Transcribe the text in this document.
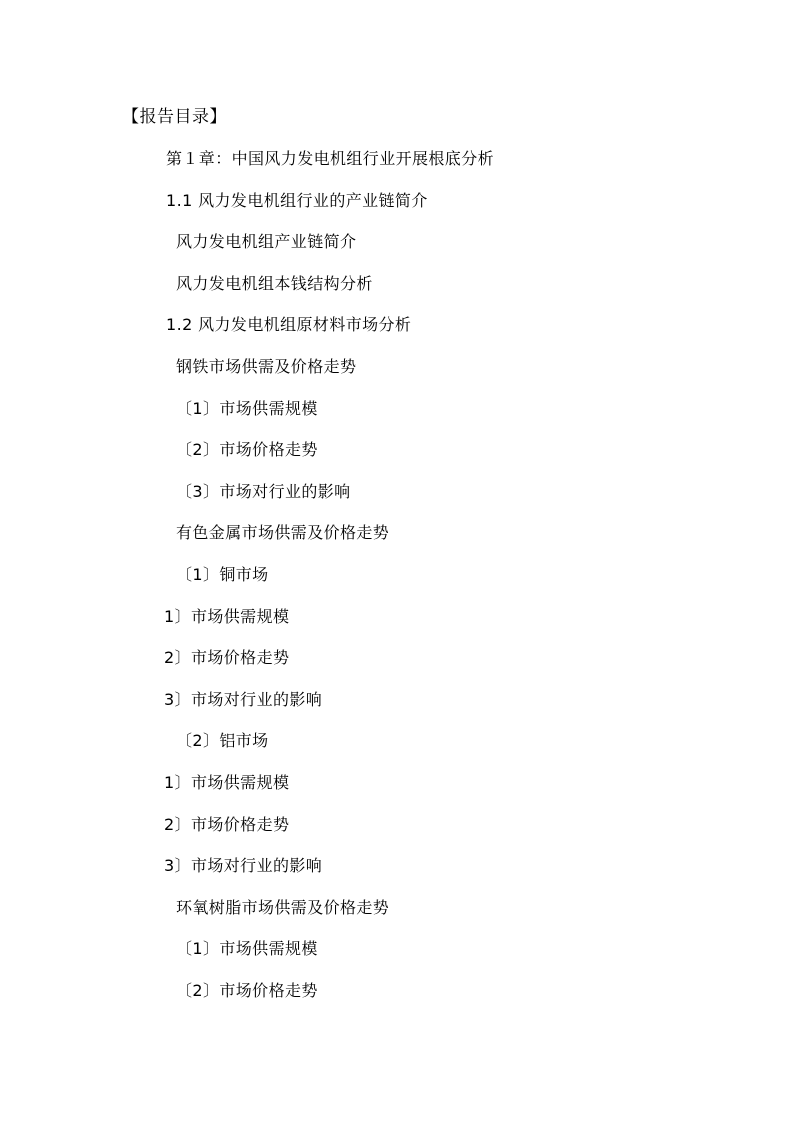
【报告目录】
第１章：中国风力发电机组行业开展根底分析
1.1 风力发电机组行业的产业链简介
风力发电机组产业链简介
风力发电机组本钱结构分析
1.2 风力发电机组原材料市场分析
钢铁市场供需及价格走势
〔1〕市场供需规模
〔2〕市场价格走势
〔3〕市场对行业的影响
有色金属市场供需及价格走势
〔1〕铜市场
1〕市场供需规模
2〕市场价格走势
3〕市场对行业的影响
〔2〕铝市场
1〕市场供需规模
2〕市场价格走势
3〕市场对行业的影响
环氧树脂市场供需及价格走势
〔1〕市场供需规模
〔2〕市场价格走势
